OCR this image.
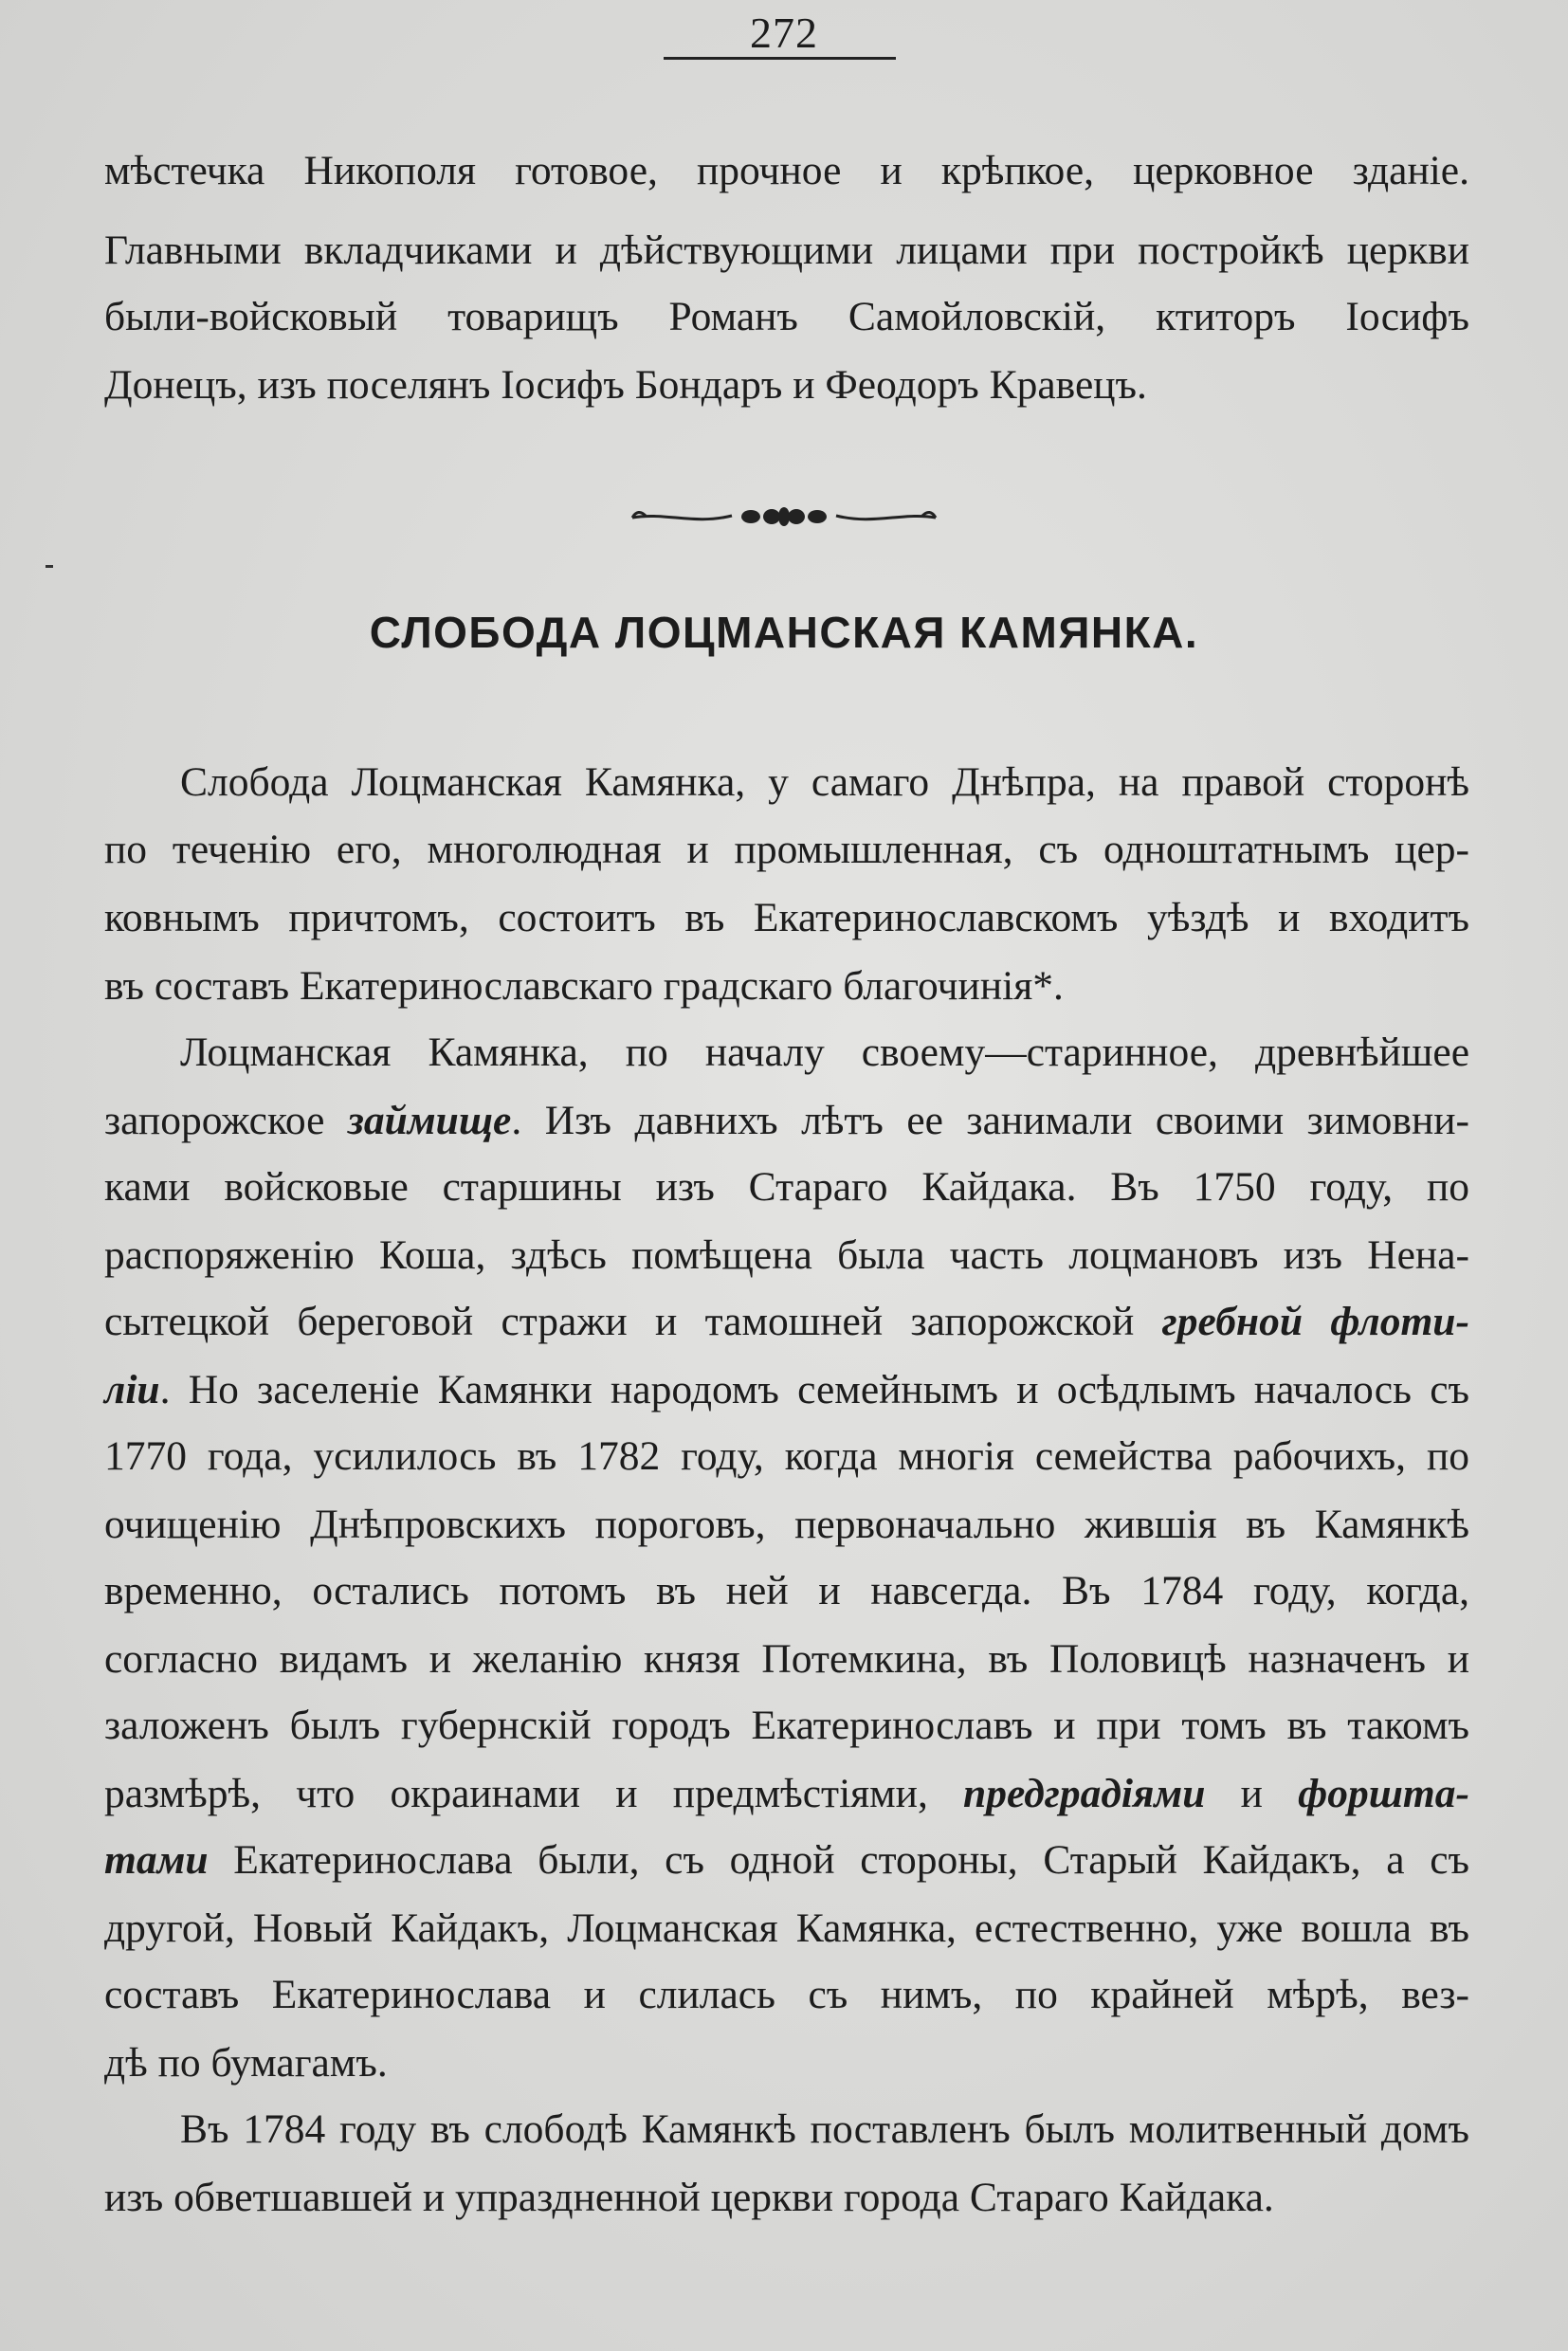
272
мѣстечка Никополя готовое, прочное и крѣпкое, церковное зданіе.
Главными вкладчиками и дѣйствующими лицами при постройкѣ церкви
были-войсковый товарищъ Романъ Самойловскій, ктиторъ Іосифъ
Донецъ, изъ поселянъ Іосифъ Бондаръ и Феодоръ Кравецъ.
СЛОБОДА ЛОЦМАНСКАЯ КАМЯНКА.
Слобода Лоцманская Камянка, у самаго Днѣпра, на правой сторонѣ
по теченію его, многолюдная и промышленная, съ одноштатнымъ цер-
ковнымъ причтомъ, состоитъ въ Екатеринославскомъ уѣздѣ и входитъ
въ составъ Екатеринославскаго градскаго благочинія*.
Лоцманская Камянка, по началу своему—старинное, древнѣйшее
запорожское займище. Изъ давнихъ лѣтъ ее занимали своими зимовни-
ками войсковые старшины изъ Стараго Кайдака. Въ 1750 году, по
распоряженію Коша, здѣсь помѣщена была часть лоцмановъ изъ Нена-
сытецкой береговой стражи и тамошней запорожской гребной флоти-
ліи. Но заселеніе Камянки народомъ семейнымъ и осѣдлымъ началось съ
1770 года, усилилось въ 1782 году, когда многія семейства рабочихъ, по
очищенію Днѣпровскихъ пороговъ, первоначально жившія въ Камянкѣ
временно, остались потомъ въ ней и навсегда. Въ 1784 году, когда,
согласно видамъ и желанію князя Потемкина, въ Половицѣ назначенъ и
заложенъ былъ губернскій городъ Екатеринославъ и при томъ въ такомъ
размѣрѣ, что окраинами и предмѣстіями, предградіями и форшта-
тами Екатеринослава были, съ одной стороны, Старый Кайдакъ, а съ
другой, Новый Кайдакъ, Лоцманская Камянка, естественно, уже вошла въ
составъ Екатеринослава и слилась съ нимъ, по крайней мѣрѣ, вез-
дѣ по бумагамъ.
Въ 1784 году въ слободѣ Камянкѣ поставленъ былъ молитвенный домъ
изъ обветшавшей и упраздненной церкви города Стараго Кайдака.
